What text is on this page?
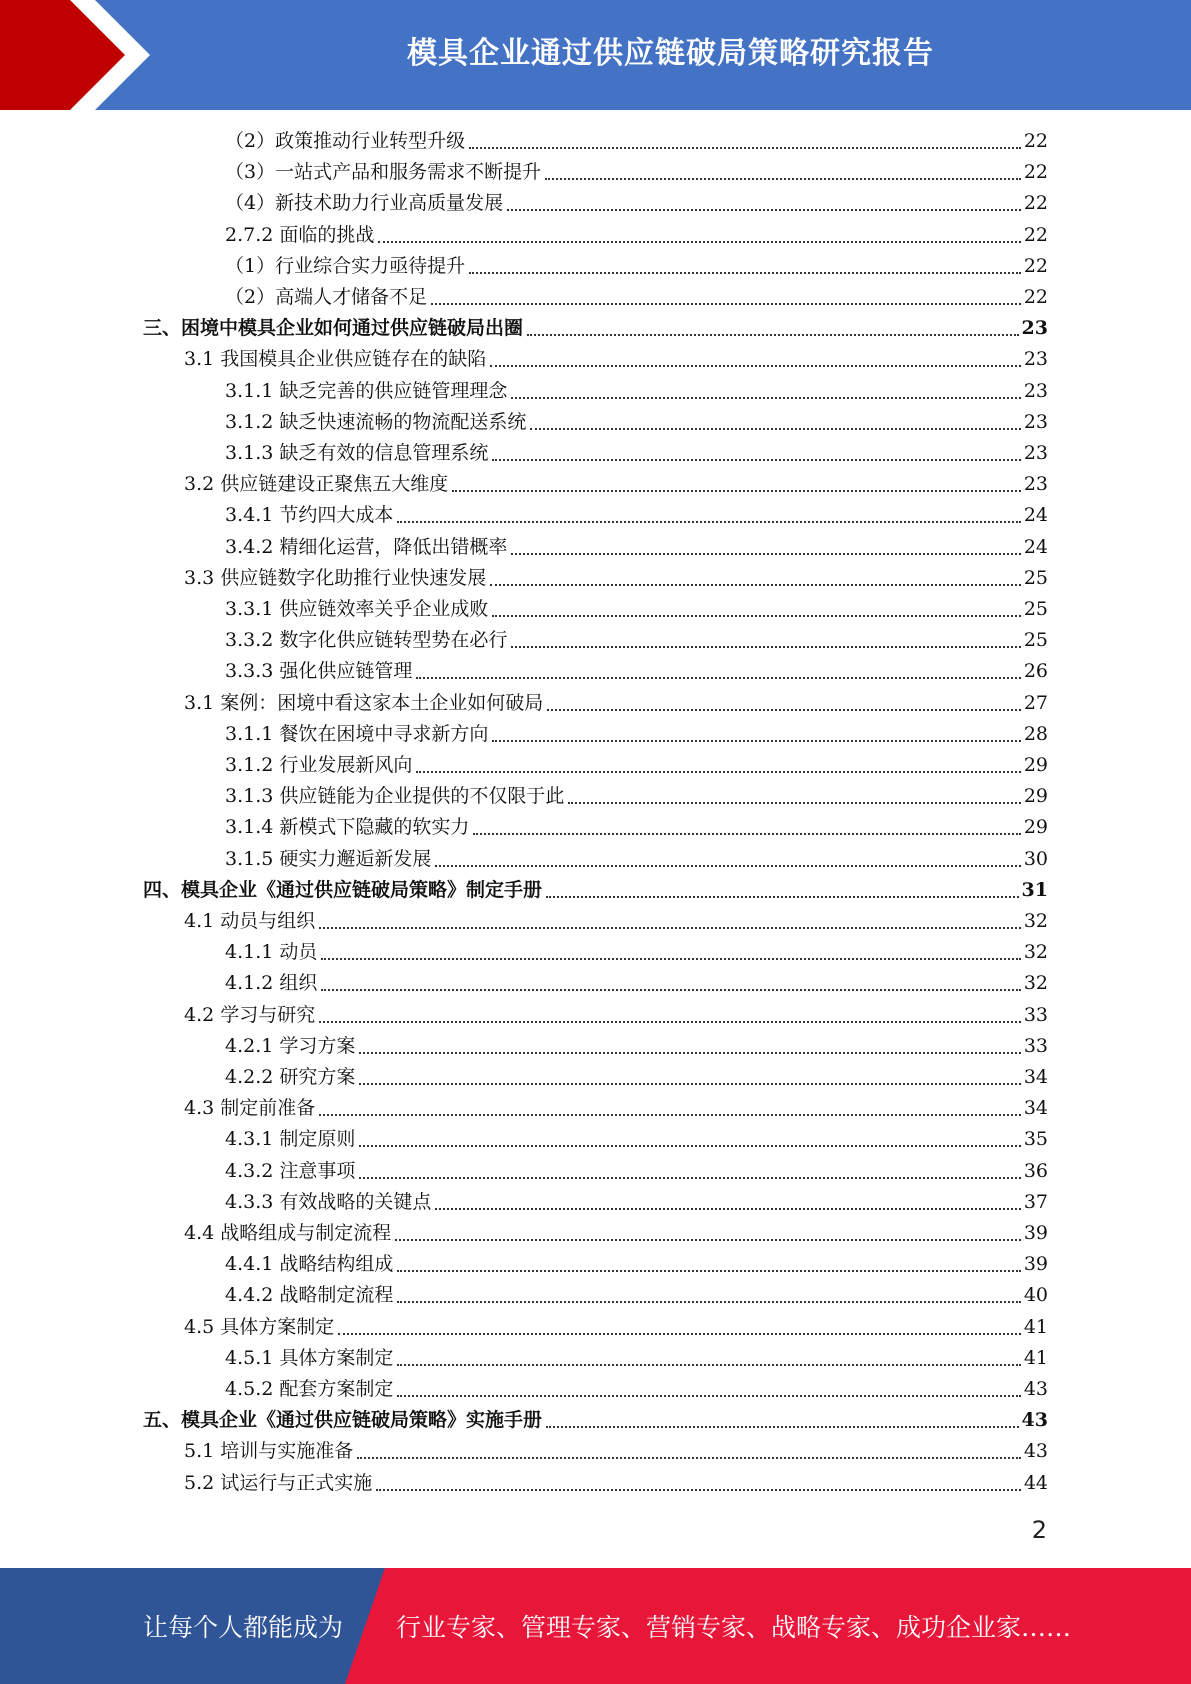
模具企业通过供应链破局策略研究报告
（2） 政策推动行业转型升级	22
（3） 一站式产品和服务需求不断提升	22
（4） 新技术助力行业高质量发展	22
2.7.2 面临的挑战	22
（1） 行业综合实力亟待提升	22
（2） 高端人才储备不足	22
三、 困境中模具企业如何通过供应链破局出圈	23
3.1 我国模具企业供应链存在的缺陷	23
3.1.1 缺乏完善的供应链管理理念	23
3.1.2 缺乏快速流畅的物流配送系统	23
3.1.3 缺乏有效的信息管理系统	23
3.2 供应链建设正聚焦五大维度	23
3.4.1 节约四大成本	24
3.4.2 精细化运营，降低出错概率	24
3.3 供应链数字化助推行业快速发展	25
3.3.1 供应链效率关乎企业成败	25
3.3.2 数字化供应链转型势在必行	25
3.3.3 强化供应链管理	26
3.1 案例：困境中看这家本土企业如何破局	27
3.1.1 餐饮在困境中寻求新方向	28
3.1.2 行业发展新风向	29
3.1.3 供应链能为企业提供的不仅限于此	29
3.1.4 新模式下隐藏的软实力	29
3.1.5 硬实力邂逅新发展	30
四、 模具企业《通过供应链破局策略》制定手册	31
4.1 动员与组织	32
4.1.1 动员	32
4.1.2 组织	32
4.2 学习与研究	33
4.2.1 学习方案	33
4.2.2 研究方案	34
4.3 制定前准备	34
4.3.1 制定原则	35
4.3.2 注意事项	36
4.3.3 有效战略的关键点	37
4.4 战略组成与制定流程	39
4.4.1 战略结构组成	39
4.4.2 战略制定流程	40
4.5 具体方案制定	41
4.5.1 具体方案制定	41
4.5.2 配套方案制定	43
五、 模具企业《通过供应链破局策略》实施手册	43
5.1 培训与实施准备	43
5.2 试运行与正式实施	44
2
让每个人都能成为 行业专家、管理专家、营销专家、战略专家、成功企业家……
